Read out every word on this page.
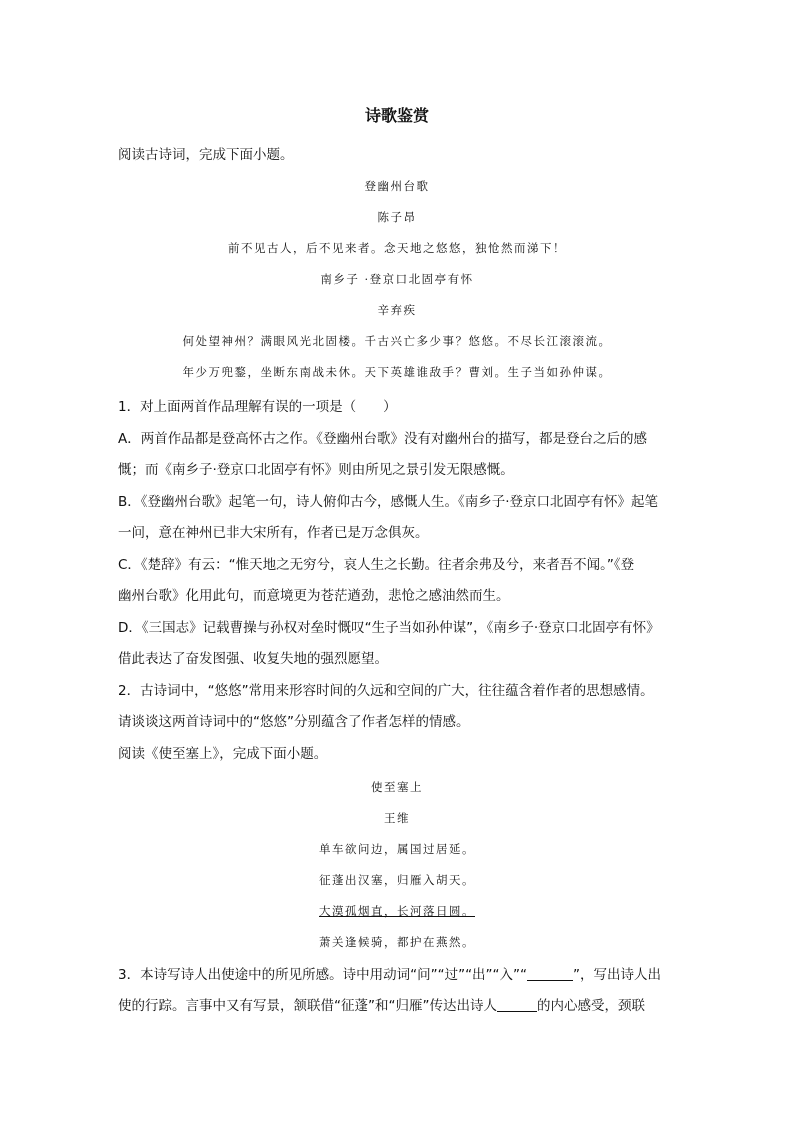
诗歌鉴赏
阅读古诗词，完成下面小题。
登幽州台歌
陈子昂
前不见古人，后不见来者。念天地之悠悠，独怆然而涕下！
南乡子 ·登京口北固亭有怀
辛弃疾
何处望神州？满眼风光北固楼。千古兴亡多少事？悠悠。不尽长江滚滚流。
年少万兜鍪，坐断东南战未休。天下英雄谁敌手？曹刘。生子当如孙仲谋。
1．对上面两首作品理解有误的一项是（　　）
A．两首作品都是登高怀古之作。《登幽州台歌》没有对幽州台的描写，都是登台之后的感
慨；而《南乡子·登京口北固亭有怀》则由所见之景引发无限感慨。
B．《登幽州台歌》起笔一句，诗人俯仰古今，感慨人生。《南乡子·登京口北固亭有怀》起笔
一问，意在神州已非大宋所有，作者已是万念俱灰。
C．《楚辞》有云：“惟天地之无穷兮，哀人生之长勤。往者余弗及兮，来者吾不闻。”《登
幽州台歌》化用此句，而意境更为苍茫遒劲，悲怆之感油然而生。
D．《三国志》记载曹操与孙权对垒时慨叹“生子当如孙仲谋”，《南乡子·登京口北固亭有怀》
借此表达了奋发图强、收复失地的强烈愿望。
2．古诗词中，“悠悠”常用来形容时间的久远和空间的广大，往往蕴含着作者的思想感情。
请谈谈这两首诗词中的“悠悠”分别蕴含了作者怎样的情感。
阅读《使至塞上》，完成下面小题。
使至塞上
王维
单车欲问边，属国过居延。
征蓬出汉塞，归雁入胡天。
大漠孤烟直，长河落日圆。
萧关逢候骑，都护在燕然。
3．本诗写诗人出使途中的所见所感。诗中用动词“问”“过”“出”“入”“	”，写出诗人出
使的行踪。言事中又有写景，颔联借“征蓬”和“归雁”传达出诗人	的内心感受，颈联
